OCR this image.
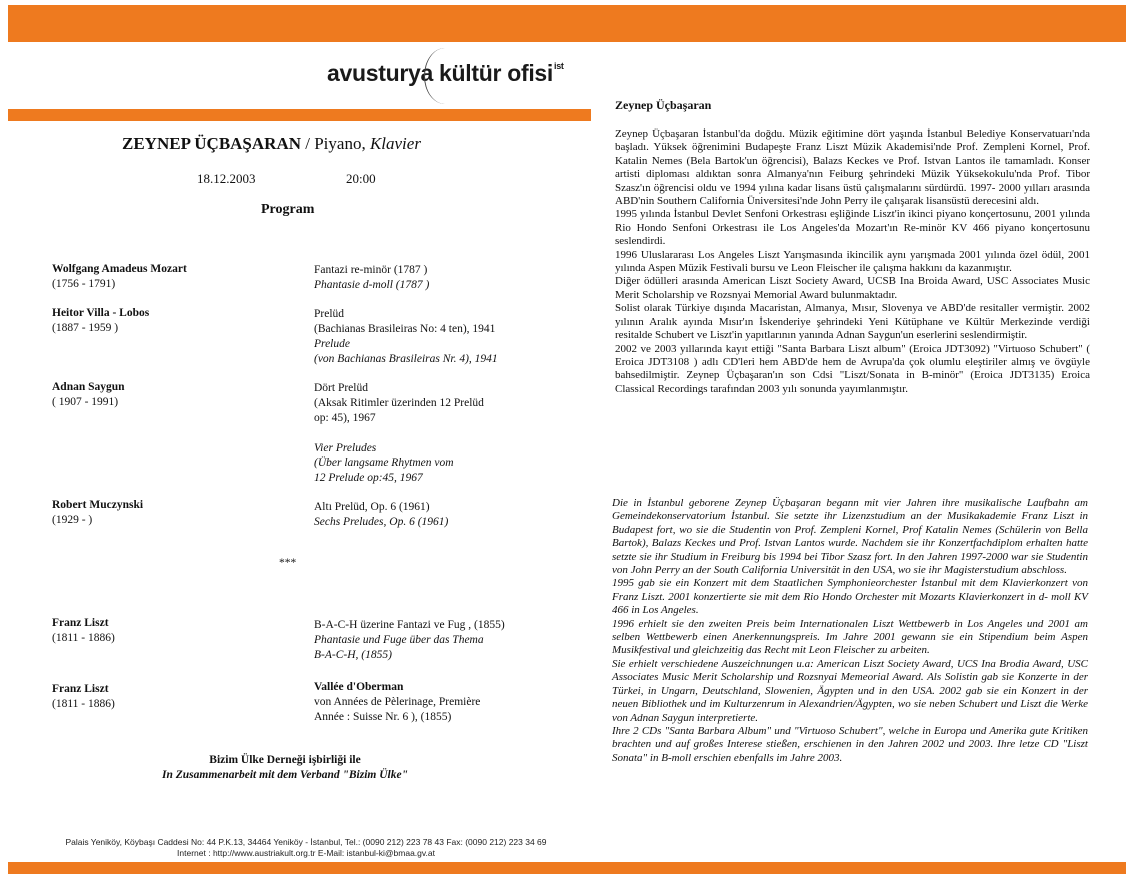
avusturya kültür ofisi$^{ist}$
ZEYNEP ÜÇBAŞARAN / Piyano, Klavier
18.12.2003	20:00
Program
Wolfgang Amadeus Mozart
(1756 - 1791)
Fantazi re-minör (1787 )
Phantasie d-moll (1787 )
Heitor Villa - Lobos
(1887 - 1959 )
Prelüd
(Bachianas Brasileiras No: 4 ten), 1941
Prelude
(von Bachianas Brasileiras Nr. 4), 1941
Adnan Saygun
( 1907 - 1991)
Dört Prelüd
(Aksak Ritimler üzerinden 12 Prelüd
op: 45), 1967
Vier Preludes
(Über langsame Rhytmen vom
12 Prelude op:45, 1967
Robert Muczynski
(1929 - )
Altı Prelüd, Op. 6 (1961)
Sechs Preludes, Op. 6 (1961)
***
Franz Liszt
(1811 - 1886)
B-A-C-H üzerine Fantazi ve Fug , (1855)
Phantasie und Fuge über das Thema
B-A-C-H, (1855)
Franz Liszt
(1811 - 1886)
Vallée d'Oberman
von Années de Pèlerinage, Première
Année : Suisse Nr. 6 ), (1855)
Bizim Ülke Derneği işbirliği ile
In Zusammenarbeit mit dem Verband "Bizim Ülke"
Palais Yeniköy, Köybaşı Caddesi No: 44 P.K.13, 34464 Yeniköy - İstanbul, Tel.: (0090 212) 223 78 43 Fax: (0090 212) 223 34 69
Internet : http://www.austriakult.org.tr E-Mail: istanbul-ki@bmaa.gv.at
Zeynep Üçbaşaran

Zeynep Üçbaşaran İstanbul'da doğdu. Müzik eğitimine dört yaşında İstanbul Belediye Konservatuarı'nda başladı. Yüksek öğrenimini Budapeşte Franz Liszt Müzik Akademisi'nde Prof. Zempleni Kornel, Prof. Katalin Nemes (Bela Bartok'un öğrencisi), Balazs Keckes ve Prof. Istvan Lantos ile tamamladı. Konser artisti diploması aldıktan sonra Almanya'nın Feiburg şehrindeki Müzik Yüksekokulu'nda Prof. Tibor Szasz'ın öğrencisi oldu ve 1994 yılına kadar lisans üstü çalışmalarını sürdürdü. 1997- 2000 yılları arasında ABD'nin Southern California Üniversitesi'nde John Perry ile çalışarak lisansüstü derecesini aldı.

1995 yılında İstanbul Devlet Senfoni Orkestrası eşliğinde Liszt'in ikinci piyano konçertosunu, 2001 yılında Rio Hondo Senfoni Orkestrası ile Los Angeles'da Mozart'ın Re-minör KV 466 piyano konçertosunu seslendirdi.

1996 Uluslararası Los Angeles Liszt Yarışmasında ikincilik aynı yarışmada 2001 yılında özel ödül, 2001 yılında Aspen Müzik Festivali bursu ve Leon Fleischer ile çalışma hakkını da kazanmıştır.

Diğer ödülleri arasında American Liszt Society Award, UCSB Ina Broida Award, USC Associates Music Merit Scholarship ve Rozsnyai Memorial Award bulunmaktadır.

Solist olarak Türkiye dışında Macaristan, Almanya, Mısır, Slovenya ve ABD'de resitaller vermiştir. 2002 yılının Aralık ayında Mısır'ın İskenderiye şehrindeki Yeni Kütüphane ve Kültür Merkezinde verdiği resitalde Schubert ve Liszt'in yapıtlarının yanında Adnan Saygun'un eserlerini seslendirmiştir.

2002 ve 2003 yıllarında kayıt ettiği "Santa Barbara Liszt album" (Eroica JDT3092) "Virtuoso Schubert" ( Eroica JDT3108 ) adlı CD'leri hem ABD'de hem de Avrupa'da çok olumlu eleştiriler almış ve övgüyle bahsedilmiştir. Zeynep Üçbaşaran'ın son Cdsi "Liszt/Sonata in B-minör" (Eroica JDT3135) Eroica Classical Recordings tarafından 2003 yılı sonunda yayımlanmıştır.

Die in İstanbul geborene Zeynep Üçbaşaran begann mit vier Jahren ihre musikalische Laufbahn am Gemeindekonservatorium İstanbul. Sie setzte ihr Lizenzstudium an der Musikakademie Franz Liszt in Budapest fort, wo sie die Studentin von Prof. Zempleni Kornel, Prof Katalin Nemes (Schülerin von Bella Bartok), Balazs Keckes und Prof. Istvan Lantos wurde. Nachdem sie ihr Konzertfachdiplom erhalten hatte setzte sie ihr Studium in Freiburg bis 1994 bei Tibor Szasz fort. In den Jahren 1997-2000 war sie Studentin von John Perry an der South California Universität in den USA, wo sie ihr Magisterstudium abschloss.

1995 gab sie ein Konzert mit dem Staatlichen Symphonieorchester İstanbul mit dem Klavierkonzert von Franz Liszt. 2001 konzertierte sie mit dem Rio Hondo Orchester mit Mozarts Klavierkonzert in d- moll KV 466 in Los Angeles.

1996 erhielt sie den zweiten Preis beim Internationalen Liszt Wettbewerb in Los Angeles und 2001 am selben Wettbewerb einen Anerkennungspreis. Im Jahre 2001 gewann sie ein Stipendium beim Aspen Musikfestival und gleichzeitig das Recht mit Leon Fleischer zu arbeiten.

Sie erhielt verschiedene Auszeichnungen u.a: American Liszt Society Award, UCS Ina Brodia Award, USC Associates Music Merit Scholarship und Rozsnyai Memeorial Award. Als Solistin gab sie Konzerte in der Türkei, in Ungarn, Deutschland, Slowenien, Ägypten und in den USA. 2002 gab sie ein Konzert in der neuen Bibliothek und im Kulturzenrum in Alexandrien/Ägypten, wo sie neben Schubert und Liszt die Werke von Adnan Saygun interpretierte.

Ihre 2 CDs "Santa Barbara Album" und "Virtuoso Schubert", welche in Europa und Amerika gute Kritiken brachten und auf großes Interese stießen, erschienen in den Jahren 2002 und 2003. Ihre letze CD "Liszt Sonata" in B-moll erschien ebenfalls im Jahre 2003.
